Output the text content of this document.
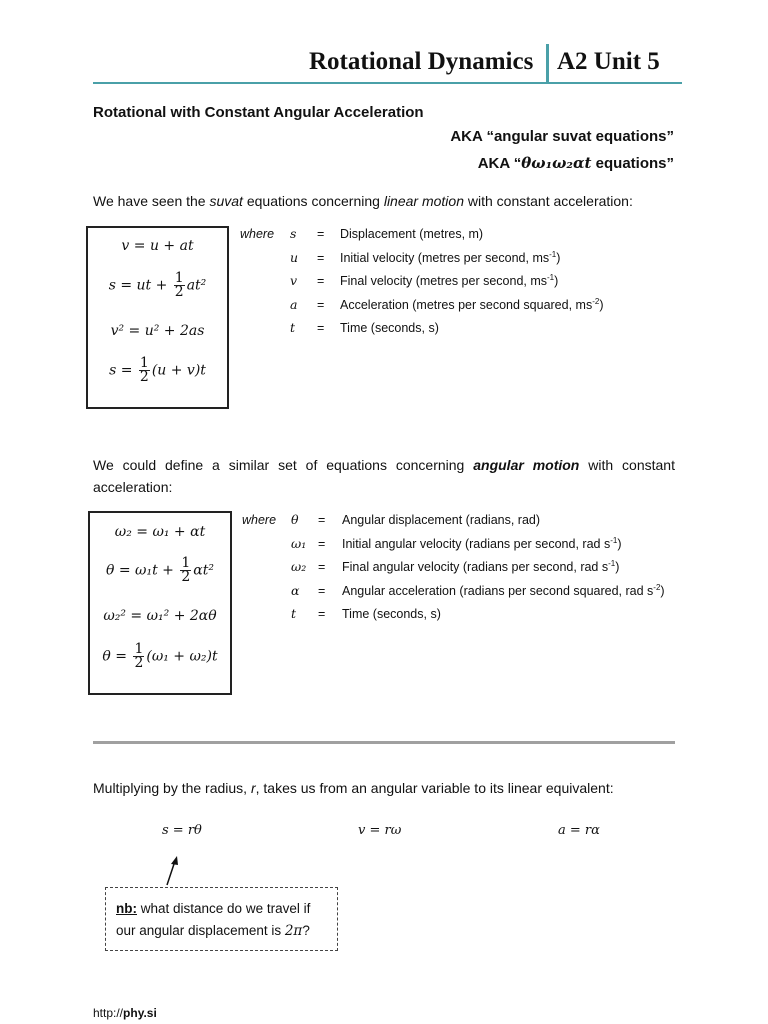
Rotational Dynamics A2 Unit 5
Rotational with Constant Angular Acceleration
AKA “angular suvat equations”
AKA “θω₁ω₂αt equations”
We have seen the suvat equations concerning linear motion with constant acceleration:
v = u + at
s = ut + $\frac{1}{2} at^2$
v² = u² + 2as
$s = \frac{1}{2} (u + v)t$
where s = Displacement (metres, m)
u = Initial velocity (metres per second, $ms^{-1}$)
v = Final velocity (metres per second, $ms^{-1}$)
a = Acceleration (metres per second squared, $ms^{-2}$)
t = Time (seconds, s)
We could define a similar set of equations concerning angular motion with constant
acceleration:
ω₂ = ω₁ + αt
$\theta = \omega_1t + \frac{1}{2} \alpha t^2$
ω₂² = ω₁² + 2αθ
$\theta = \frac{1}{2} (\omega_1 + \omega_2)t$
where θ = Angular displacement (radians, rad)
ω₁ = Initial angular velocity (radians per second, rad $s^{-1}$)
ω₂ = Final angular velocity (radians per second, rad $s^{-1}$)
α = Angular acceleration (radians per second squared, rad $s^{-2}$)
t = Time (seconds, s)
Multiplying by the radius, r, takes us from an angular variable to its linear equivalent:
s = rθ	v = rω	a = rα
nb: what distance do we travel if
our angular displacement is 2π?
http://phy.si
